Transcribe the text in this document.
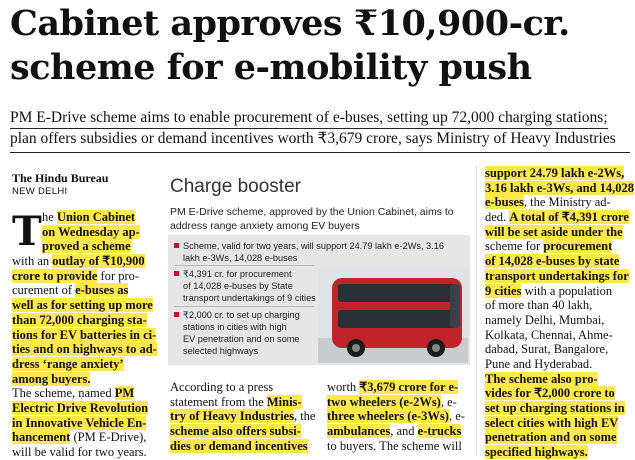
Cabinet approves ₹10,900-cr.
scheme for e-mobility push
PM E-Drive scheme aims to enable procurement of e-buses, setting up 72,000 charging stations;
plan offers subsidies or demand incentives worth ₹3,679 crore, says Ministry of Heavy Industries
The Hindu Bureau
NEW DELHI
T he Union Cabinet
on Wednesday ap-
proved a scheme
with an outlay of ₹10,900
crore to provide for pro-
curement of e-buses as
well as for setting up more
than 72,000 charging sta-
tions for EV batteries in ci-
ties and on highways to ad-
dress ‘range anxiety’
among buyers.
The scheme, named PM
Electric Drive Revolution
in Innovative Vehicle En-
hancement (PM E-Drive),
will be valid for two years.
Charge booster
PM E-Drive scheme, approved by the Union Cabinet, aims to
address range anxiety among EV buyers
Scheme, valid for two years, will support 24.79 lakh e-2Ws, 3.16
lakh e-3Ws, 14,028 e-buses
₹4,391 cr. for procurement
of 14,028 e-buses by State
transport undertakings of 9 cities
₹2,000 cr. to set up charging
stations in cities with high
EV penetration and on some
selected highways
According to a press
statement from the Minis-
try of Heavy Industries, the
scheme also offers subsi-
dies or demand incentives
worth ₹3,679 crore for e-
two wheelers (e-2Ws), e-
three wheelers (e-3Ws), e-
ambulances, and e-trucks
to buyers. The scheme will
support 24.79 lakh e-2Ws,
3.16 lakh e-3Ws, and 14,028
e-buses, the Ministry ad-
ded. A total of ₹4,391 crore
will be set aside under the
scheme for procurement
of 14,028 e-buses by state
transport undertakings for
9 cities with a population
of more than 40 lakh,
namely Delhi, Mumbai,
Kolkata, Chennai, Ahme-
dabad, Surat, Bangalore,
Pune and Hyderabad.
The scheme also pro-
vides for ₹2,000 crore to
set up charging stations in
select cities with high EV
penetration and on some
specified highways.
